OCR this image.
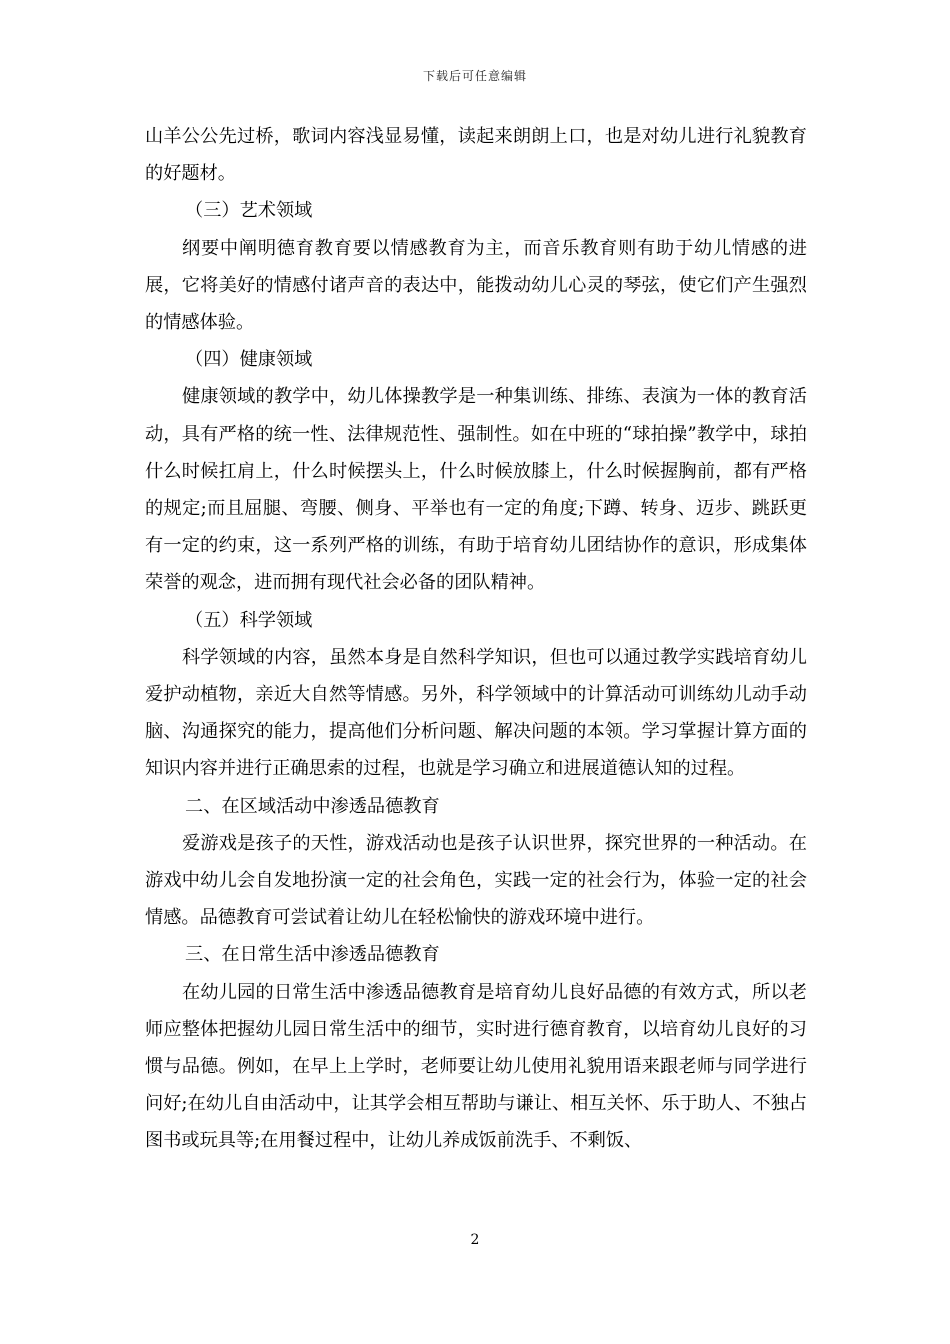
下载后可任意编辑

山羊公公先过桥，歌词内容浅显易懂，读起来朗朗上口，也是对幼儿进行礼貌教育的好题材。

（三）艺术领域

纲要中阐明德育教育要以情感教育为主，而音乐教育则有助于幼儿情感的进展，它将美好的情感付诸声音的表达中，能拨动幼儿心灵的琴弦，使它们产生强烈的情感体验。

（四）健康领域

健康领域的教学中，幼儿体操教学是一种集训练、排练、表演为一体的教育活动，具有严格的统一性、法律规范性、强制性。如在中班的“球拍操”教学中，球拍什么时候扛肩上，什么时候摆头上，什么时候放膝上，什么时候握胸前，都有严格的规定;而且屈腿、弯腰、侧身、平举也有一定的角度;下蹲、转身、迈步、跳跃更有一定的约束，这一系列严格的训练，有助于培育幼儿团结协作的意识，形成集体荣誉的观念，进而拥有现代社会必备的团队精神。

（五）科学领域

科学领域的内容，虽然本身是自然科学知识，但也可以通过教学实践培育幼儿爱护动植物，亲近大自然等情感。另外，科学领域中的计算活动可训练幼儿动手动脑、沟通探究的能力，提高他们分析问题、解决问题的本领。学习掌握计算方面的知识内容并进行正确思索的过程，也就是学习确立和进展道德认知的过程。

二、在区域活动中渗透品德教育

爱游戏是孩子的天性，游戏活动也是孩子认识世界，探究世界的一种活动。在游戏中幼儿会自发地扮演一定的社会角色，实践一定的社会行为，体验一定的社会情感。品德教育可尝试着让幼儿在轻松愉快的游戏环境中进行。

三、在日常生活中渗透品德教育

在幼儿园的日常生活中渗透品德教育是培育幼儿良好品德的有效方式，所以老师应整体把握幼儿园日常生活中的细节，实时进行德育教育，以培育幼儿良好的习惯与品德。例如，在早上上学时，老师要让幼儿使用礼貌用语来跟老师与同学进行问好;在幼儿自由活动中，让其学会相互帮助与谦让、相互关怀、乐于助人、不独占图书或玩具等;在用餐过程中，让幼儿养成饭前洗手、不剩饭、

2
